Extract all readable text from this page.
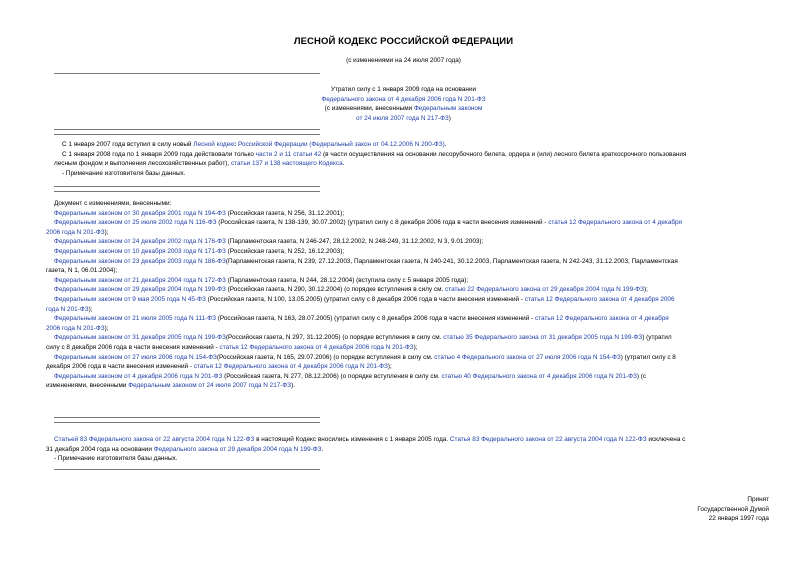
ЛЕСНОЙ КОДЕКС РОССИЙСКОЙ ФЕДЕРАЦИИ
(с изменениями на 24 июля 2007 года)
Утратил силу с 1 января 2009 года на основании
Федерального закона от 4 декабря 2006 года N 201-ФЗ
(с изменениями, внесенными Федеральным законом
от 24 июля 2007 года N 217-ФЗ)
С 1 января 2007 года вступил в силу новый Лесной кодекс Российской Федерации (Федеральный закон от 04.12.2006 N 200-ФЗ).
С 1 января 2008 года по 1 января 2009 года действовали только части 2 и 11 статьи 42 (в части осуществления на основании лесорубочного билета, ордера и (или) лесного билета краткосрочного пользования
лесным фондом и выполнения лесохозяйственных работ), статьи 137 и 138 настоящего Кодекса.
- Примечание изготовителя базы данных.
Документ с изменениями, внесенными:
Федеральным законом от 30 декабря 2001 года N 194-ФЗ (Российская газета, N 256, 31.12.2001);
Федеральным законом от 25 июля 2002 года N 116-ФЗ (Российская газета, N 138-139, 30.07.2002) (утратил силу с 8 декабря 2006 года в части внесения изменений - статья 12 Федерального закона от 4 декабря
2006 года N 201-ФЗ);
Федеральным законом от 24 декабря 2002 года N 176-ФЗ (Парламентская газета, N 246-247, 28.12.2002, N 248-249, 31.12.2002, N 3, 9.01.2003);
Федеральным законом от 10 декабря 2003 года N 171-ФЗ (Российская газета, N 252, 16.12.2003);
Федеральным законом от 23 декабря 2003 года N 186-ФЗ(Парламентская газета, N 239, 27.12.2003, Парламентская газета, N 240-241, 30.12.2003, Парламентская газета, N 242-243, 31.12.2003, Парламентская
газета, N 1, 06.01.2004);
Федеральным законом от 21 декабря 2004 года N 172-ФЗ (Парламентская газета, N 244, 28.12.2004) (вступила силу с 5 января 2005 года);
Федеральным законом от 29 декабря 2004 года N 199-ФЗ (Российская газета, N 290, 30.12.2004) (о порядке вступления в силу см. статью 22 Федерального закона от 29 декабря 2004 года N 199-ФЗ);
Федеральным законом от 9 мая 2005 года N 45-ФЗ (Российская газета, N 100, 13.05.2005) (утратил силу с 8 декабря 2006 года в части внесения изменений - статья 12 Федерального закона от 4 декабря 2006
года N 201-ФЗ);
Федеральным законом от 21 июля 2005 года N 111-ФЗ (Российская газета, N 163, 28.07.2005) (утратил силу с 8 декабря 2006 года в части внесения изменений - статья 12 Федерального закона от 4 декабря
2006 года N 201-ФЗ);
Федеральным законом от 31 декабря 2005 года N 199-ФЗ(Российская газета, N 297, 31.12.2005) (о порядке вступления в силу см. статью 35 Федерального закона от 31 декабря 2005 года N 199-ФЗ) (утратил
силу с 8 декабря 2006 года в части внесения изменений - статья 12 Федерального закона от 4 декабря 2006 года N 201-ФЗ);
Федеральным законом от 27 июля 2006 года N 154-ФЗ(Российская газета, N 165, 29.07.2006) (о порядке вступления в силу см. статью 4 Федерального закона от 27 июля 2006 года N 154-ФЗ) (утратил силу с 8
декабря 2006 года в части внесения изменений - статья 12 Федерального закона от 4 декабря 2006 года N 201-ФЗ);
Федеральным законом от 4 декабря 2006 года N 201-ФЗ (Российская газета, N 277, 08.12.2006) (о порядке вступления в силу см. статью 40 Федерального закона от 4 декабря 2006 года N 201-ФЗ) (с
изменениями, внесенными Федеральным законом от 24 июля 2007 года N 217-ФЗ).
Статьей 83 Федерального закона от 22 августа 2004 года N 122-ФЗ в настоящий Кодекс вносились изменения с 1 января 2005 года. Статья 83 Федерального закона от 22 августа 2004 года N 122-ФЗ исключена с
31 декабря 2004 года на основании Федерального закона от 29 декабря 2004 года N 199-ФЗ.
- Примечание изготовителя базы данных.
Принят
Государственной Думой
22 января 1997 года
